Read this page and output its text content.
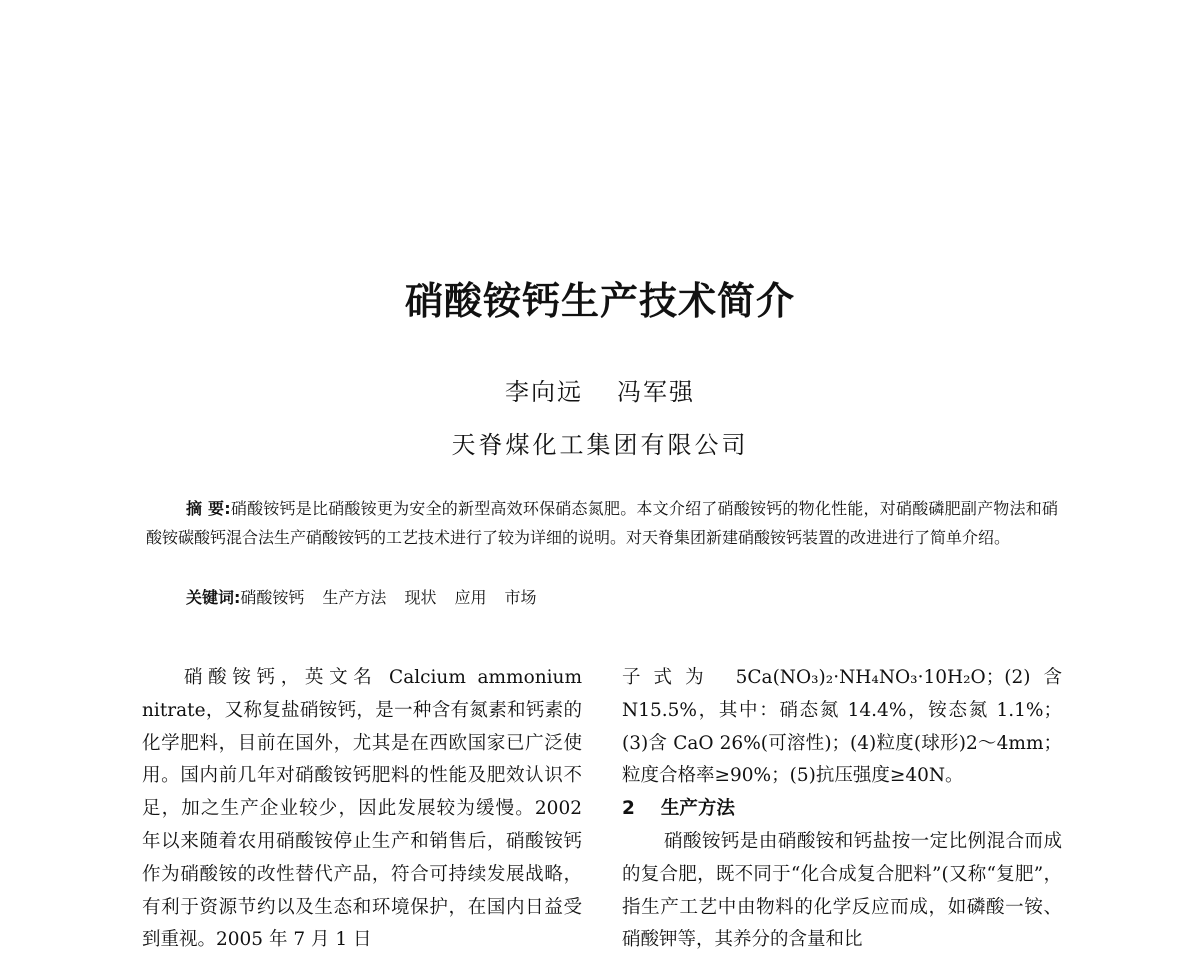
硝酸铵钙生产技术简介
李向远 冯军强
天脊煤化工集团有限公司
摘 要:硝酸铵钙是比硝酸铵更为安全的新型高效环保硝态氮肥。本文介绍了硝酸铵钙的物化性能，对硝酸磷肥副产物法和硝酸铵碳酸钙混合法生产硝酸铵钙的工艺技术进行了较为详细的说明。对天脊集团新建硝酸铵钙装置的改进进行了简单介绍。
关键词:硝酸铵钙 生产方法 现状 应用 市场

硝酸铵钙，英文名 Calcium ammonium nitrate，又称复盐硝铵钙，是一种含有氮素和钙素的化学肥料，目前在国外，尤其是在西欧国家已广泛使用。国内前几年对硝酸铵钙肥料的性能及肥效认识不足，加之生产企业较少，因此发展较为缓慢。2002 年以来随着农用硝酸铵停止生产和销售后，硝酸铵钙作为硝酸铵的改性替代产品，符合可持续发展战略，有利于资源节约以及生态和环境保护，在国内日益受到重视。2005 年 7 月 1 日

子式为 5Ca(NO₃)₂·NH₄NO₃·10H₂O；(2)含 N15.5%，其中：硝态氮 14.4%，铵态氮 1.1%；(3)含 CaO 26%(可溶性)；(4)粒度(球形)2～4mm；粒度合格率≥90%；(5)抗压强度≥40N。

2 生产方法

硝酸铵钙是由硝酸铵和钙盐按一定比例混合而成的复合肥，既不同于“化合成复合肥料”(又称“复肥”，指生产工艺中由物料的化学反应而成，如磷酸一铵、硝酸钾等，其养分的含量和比
